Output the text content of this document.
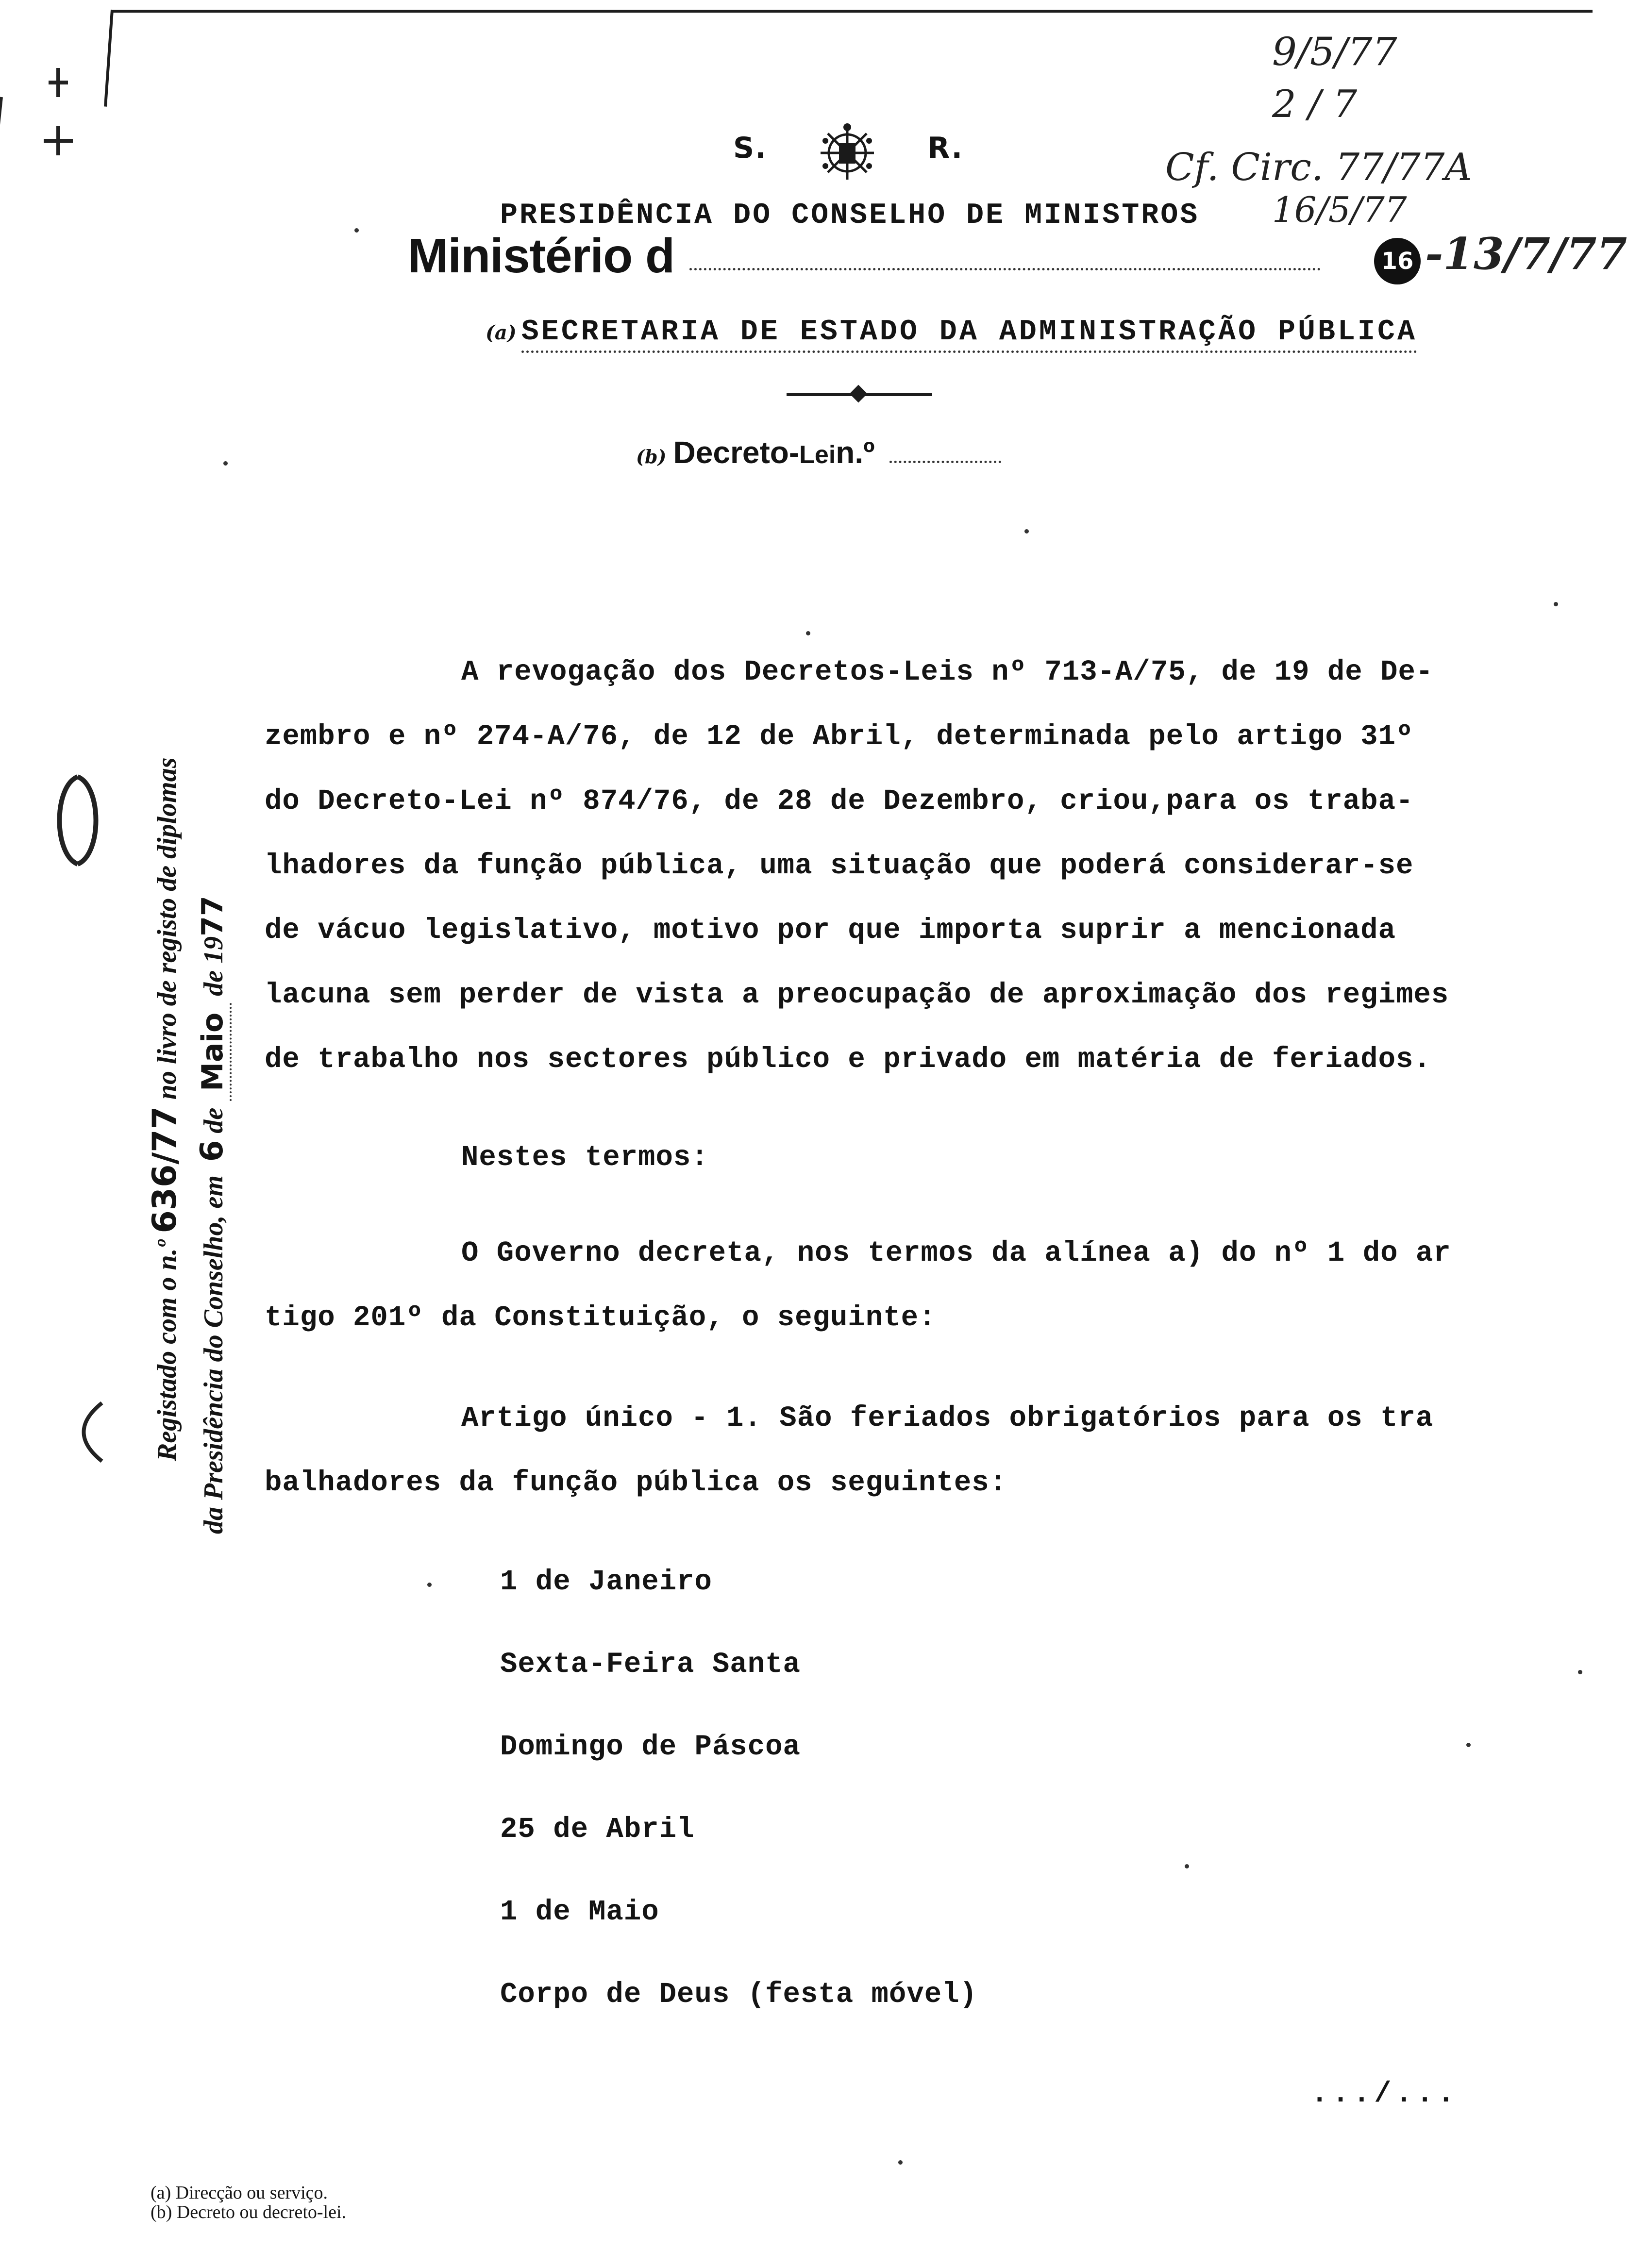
S.	R.
PRESIDÊNCIA DO CONSELHO DE MINISTROS
Ministério d
(a) SECRETARIA DE ESTADO DA ADMINISTRAÇÃO PÚBLICA
(b) Decreto-Lein.º
9/5/77
2 / 7
Cf. Circ. 77/77A
16/5/77
16 -13/7/77
Registado com o n.º 636/77 no livro de registo de diplomas
da Presidência do Conselho, em 6 de Maio de 1977
A revogação dos Decretos-Leis nº 713-A/75, de 19 de De-
zembro e nº 274-A/76, de 12 de Abril, determinada pelo artigo 31º
do Decreto-Lei nº 874/76, de 28 de Dezembro, criou,para os traba-
lhadores da função pública, uma situação que poderá considerar-se
de vácuo legislativo, motivo por que importa suprir a mencionada
lacuna sem perder de vista a preocupação de aproximação dos regimes
de trabalho nos sectores público e privado em matéria de feriados.
Nestes termos:
O Governo decreta, nos termos da alínea a) do nº 1 do ar
tigo 201º da Constituição, o seguinte:
Artigo único - 1. São feriados obrigatórios para os tra
balhadores da função pública os seguintes:
1 de Janeiro
Sexta-Feira Santa
Domingo de Páscoa
25 de Abril
1 de Maio
Corpo de Deus (festa móvel)
.../...
(a) Direcção ou serviço.
(b) Decreto ou decreto-lei.
